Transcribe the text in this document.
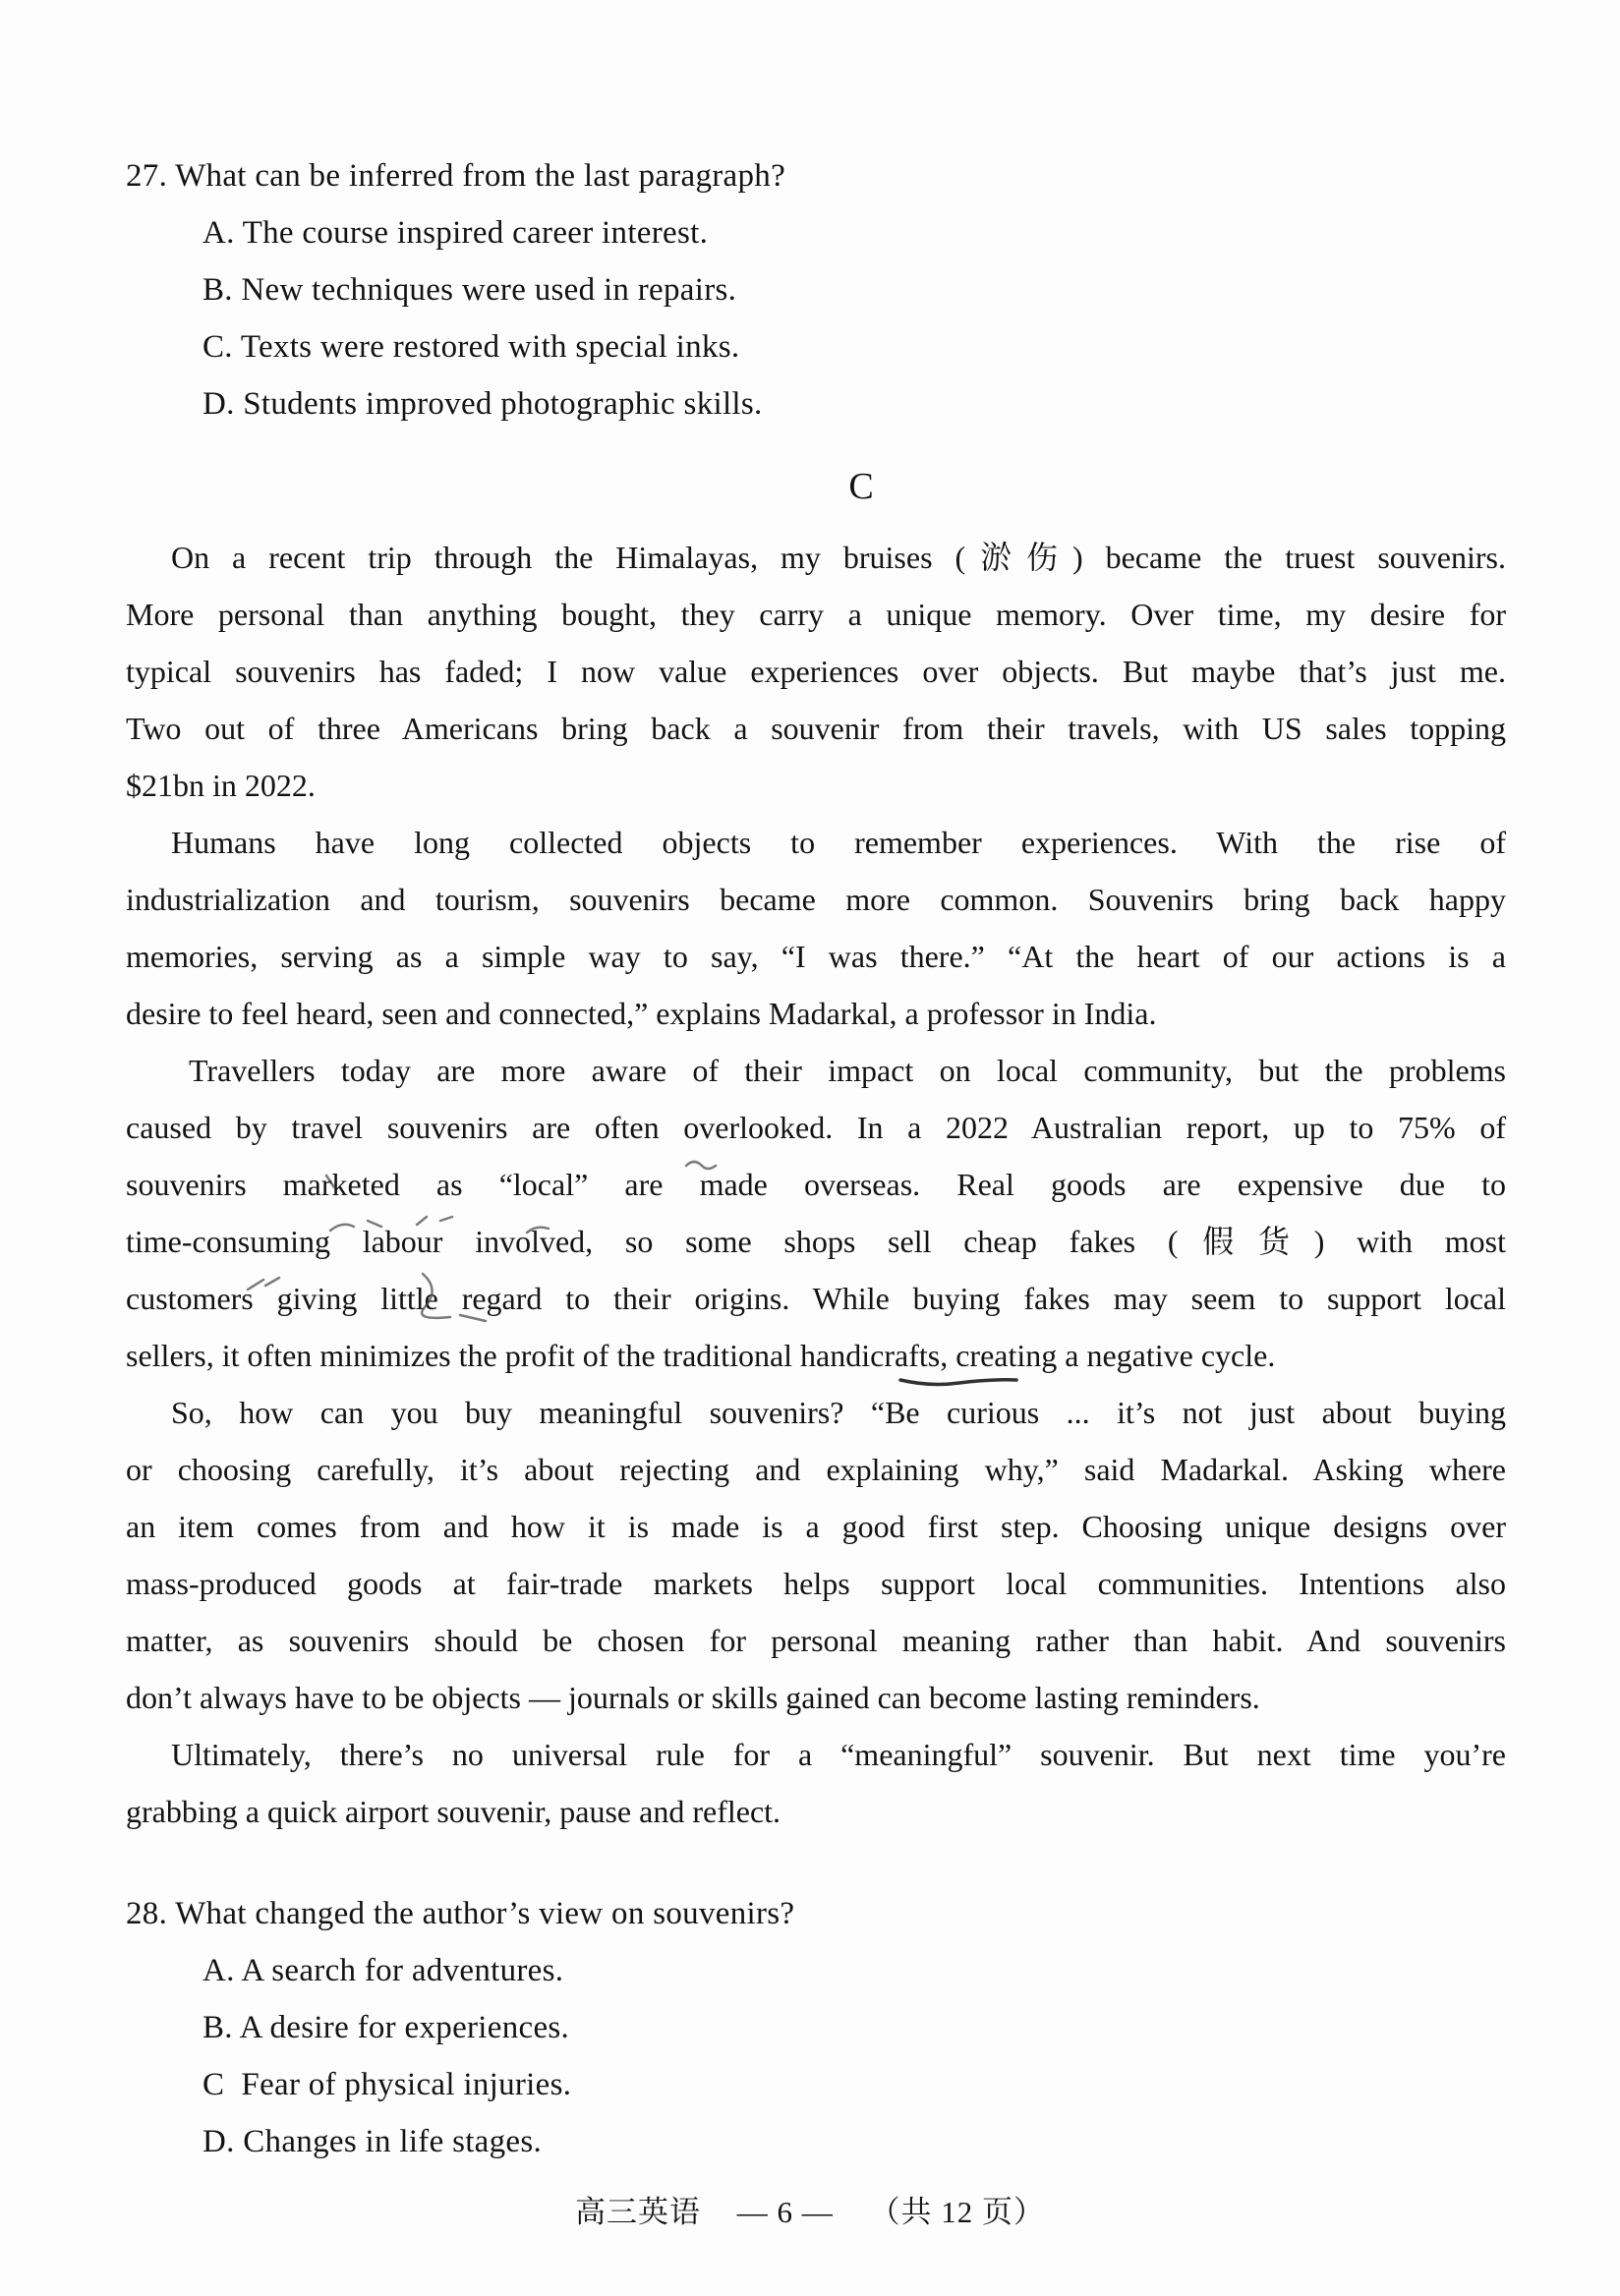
27. What can be inferred from the last paragraph?
A. The course inspired career interest.
B. New techniques were used in repairs.
C. Texts were restored with special inks.
D. Students improved photographic skills.
C
On a recent trip through the Himalayas, my bruises (淤伤) became the truest souvenirs.
More personal than anything bought, they carry a unique memory. Over time, my desire for
typical souvenirs has faded; I now value experiences over objects. But maybe that’s just me.
Two out of three Americans bring back a souvenir from their travels, with US sales topping
$21bn in 2022.
Humans have long collected objects to remember experiences. With the rise of
industrialization and tourism, souvenirs became more common. Souvenirs bring back happy
memories, serving as a simple way to say, “I was there.” “At the heart of our actions is a
desire to feel heard, seen and connected,” explains Madarkal, a professor in India.
Travellers today are more aware of their impact on local community, but the problems
caused by travel souvenirs are often overlooked. In a 2022 Australian report, up to 75% of
souvenirs marketed as “local” are made overseas. Real goods are expensive due to
time-consuming labour involved, so some shops sell cheap fakes (假货) with most
customers giving little regard to their origins. While buying fakes may seem to support local
sellers, it often minimizes the profit of the traditional handicrafts, creating a negative cycle.
So, how can you buy meaningful souvenirs? “Be curious ... it’s not just about buying
or choosing carefully, it’s about rejecting and explaining why,” said Madarkal. Asking where
an item comes from and how it is made is a good first step. Choosing unique designs over
mass-produced goods at fair-trade markets helps support local communities. Intentions also
matter, as souvenirs should be chosen for personal meaning rather than habit. And souvenirs
don’t always have to be objects — journals or skills gained can become lasting reminders.
Ultimately, there’s no universal rule for a “meaningful” souvenir. But next time you’re
grabbing a quick airport souvenir, pause and reflect.
28. What changed the author’s view on souvenirs?
A. A search for adventures.
B. A desire for experiences.
C  Fear of physical injuries.
D. Changes in life stages.
高三英语 — 6 — （共 12 页）
